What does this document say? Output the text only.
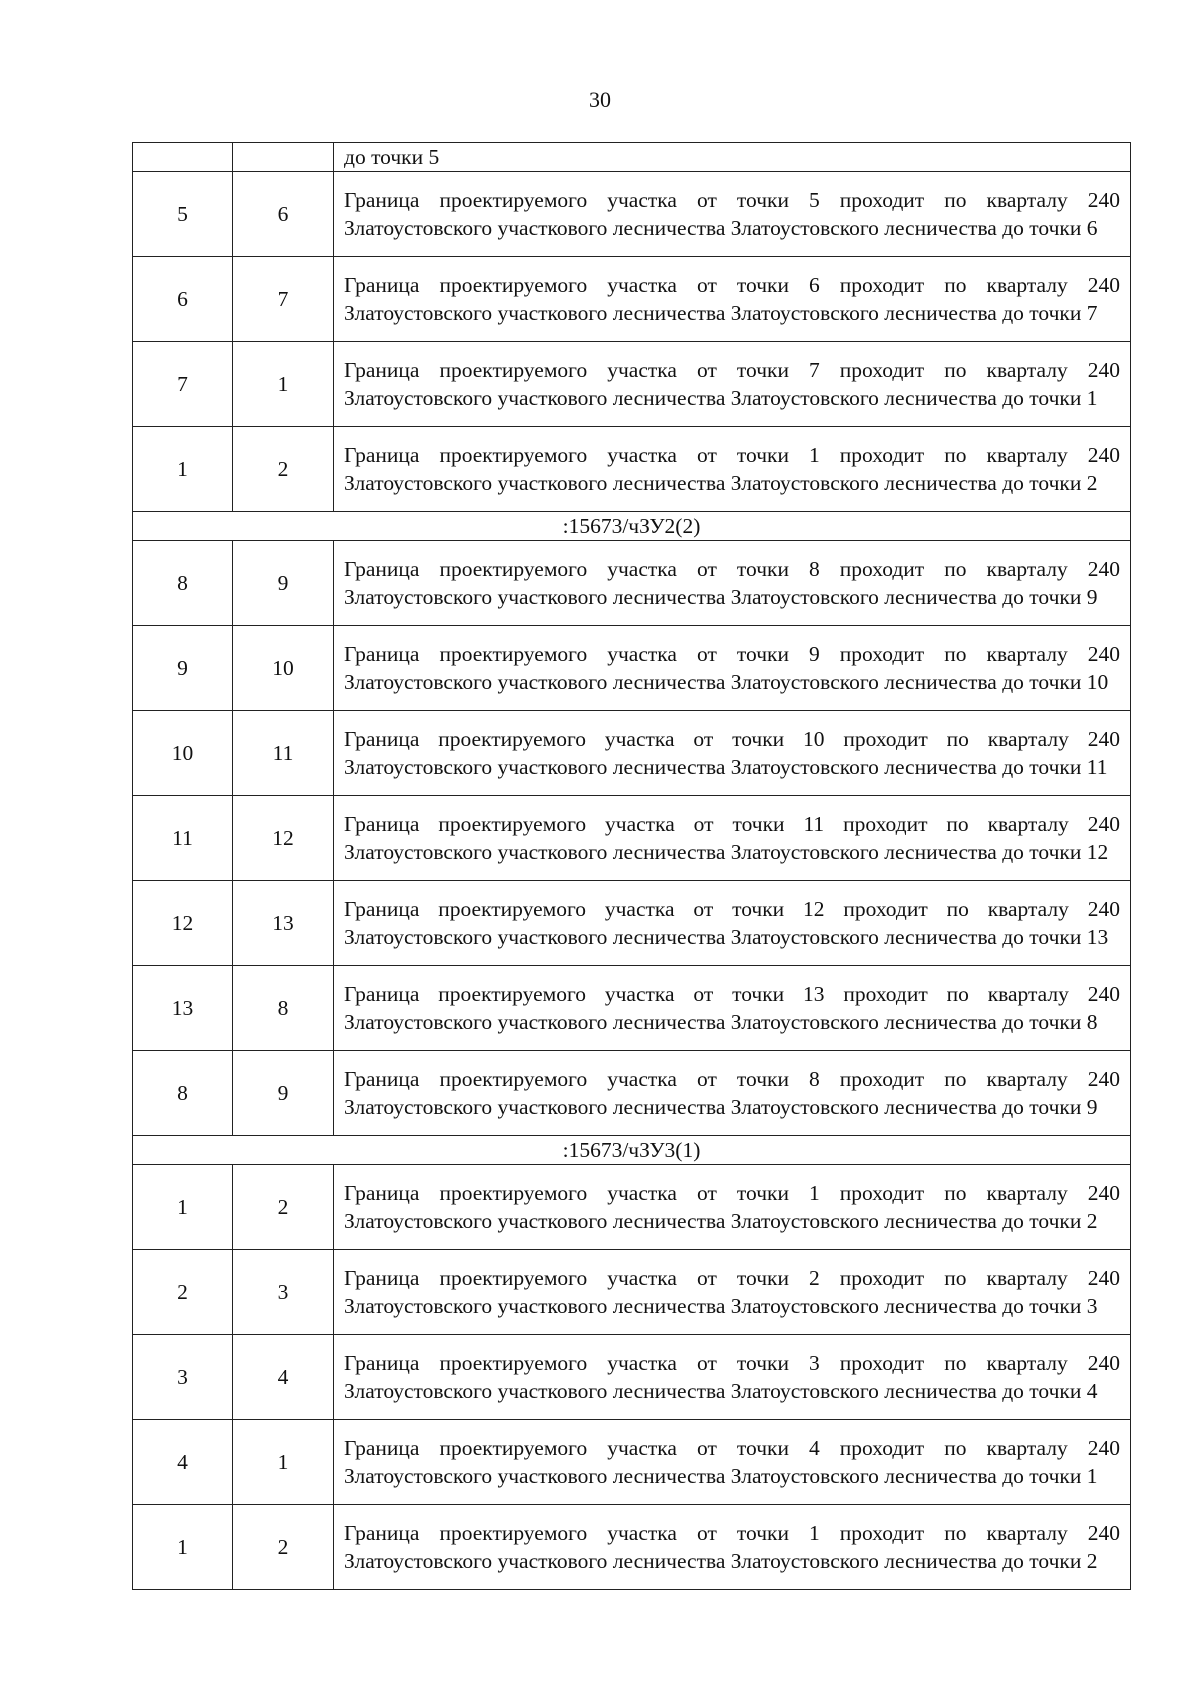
30

		до точки 5

5	6	Граница проектируемого участка от точки 5 проходит по кварталу 240 Златоустовского участкового лесничества Златоустовского лесничества до точки 6

6	7	Граница проектируемого участка от точки 6 проходит по кварталу 240 Златоустовского участкового лесничества Златоустовского лесничества до точки 7

7	1	Граница проектируемого участка от точки 7 проходит по кварталу 240 Златоустовского участкового лесничества Златоустовского лесничества до точки 1

1	2	Граница проектируемого участка от точки 1 проходит по кварталу 240 Златоустовского участкового лесничества Златоустовского лесничества до точки 2

:15673/чЗУ2(2)		
8	9	Граница проектируемого участка от точки 8 проходит по кварталу 240 Златоустовского участкового лесничества Златоустовского лесничества до точки 9

9	10	Граница проектируемого участка от точки 9 проходит по кварталу 240 Златоустовского участкового лесничества Златоустовского лесничества до точки 10

10	11	Граница проектируемого участка от точки 10 проходит по кварталу 240 Златоустовского участкового лесничества Златоустовского лесничества до точки 11

11	12	Граница проектируемого участка от точки 11 проходит по кварталу 240 Златоустовского участкового лесничества Златоустовского лесничества до точки 12

12	13	Граница проектируемого участка от точки 12 проходит по кварталу 240 Златоустовского участкового лесничества Златоустовского лесничества до точки 13

13	8	Граница проектируемого участка от точки 13 проходит по кварталу 240 Златоустовского участкового лесничества Златоустовского лесничества до точки 8

8	9	Граница проектируемого участка от точки 8 проходит по кварталу 240 Златоустовского участкового лесничества Златоустовского лесничества до точки 9

:15673/чЗУ3(1)		
1	2	Граница проектируемого участка от точки 1 проходит по кварталу 240 Златоустовского участкового лесничества Златоустовского лесничества до точки 2

2	3	Граница проектируемого участка от точки 2 проходит по кварталу 240 Златоустовского участкового лесничества Златоустовского лесничества до точки 3

3	4	Граница проектируемого участка от точки 3 проходит по кварталу 240 Златоустовского участкового лесничества Златоустовского лесничества до точки 4

4	1	Граница проектируемого участка от точки 4 проходит по кварталу 240 Златоустовского участкового лесничества Златоустовского лесничества до точки 1

1	2	Граница проектируемого участка от точки 1 проходит по кварталу 240 Златоустовского участкового лесничества Златоустовского лесничества до точки 2
